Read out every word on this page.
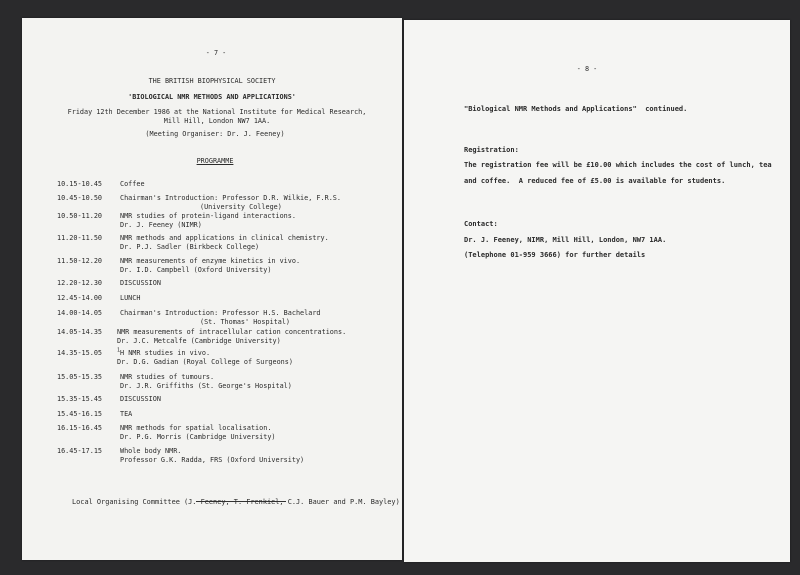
- 7 -
THE BRITISH BIOPHYSICAL SOCIETY
'BIOLOGICAL NMR METHODS AND APPLICATIONS'
Friday 12th December 1986 at the National Institute for Medical Research,
Mill Hill, London NW7 1AA.
(Meeting Organiser: Dr. J. Feeney)
PROGRAMME
10.15-10.45	Coffee
10.45-10.50	Chairman's Introduction: Professor D.R. Wilkie, F.R.S.
(University College)
10.50-11.20	NMR studies of protein-ligand interactions.
Dr. J. Feeney (NIMR)
11.20-11.50	NMR methods and applications in clinical chemistry.
Dr. P.J. Sadler (Birkbeck College)
11.50-12.20	NMR measurements of enzyme kinetics in vivo.
Dr. I.D. Campbell (Oxford University)
12.20-12.30	DISCUSSION
12.45-14.00	LUNCH
14.00-14.05	Chairman's Introduction: Professor H.S. Bachelard
(St. Thomas' Hospital)
14.05-14.35 NMR measurements of intracellular cation concentrations.
Dr. J.C. Metcalfe (Cambridge University)
14.35-15.05	$^1$H NMR studies in vivo.
Dr. D.G. Gadian (Royal College of Surgeons)
15.05-15.35	NMR studies of tumours.
Dr. J.R. Griffiths (St. George's Hospital)
15.35-15.45	DISCUSSION
15.45-16.15	TEA
16.15-16.45	NMR methods for spatial localisation.
Dr. P.G. Morris (Cambridge University)
16.45-17.15	Whole body NMR.
Professor G.K. Radda, FRS (Oxford University)
Local Organising Committee (J. Feeney, T. Frenkiel, C.J. Bauer and P.M. Bayley)
- 8 -
"Biological NMR Methods and Applications"  continued.
Registration:
The registration fee will be £10.00 which includes the cost of lunch, tea
and coffee.  A reduced fee of £5.00 is available for students.
Contact:
Dr. J. Feeney, NIMR, Mill Hill, London, NW7 1AA.
(Telephone 01-959 3666) for further details
